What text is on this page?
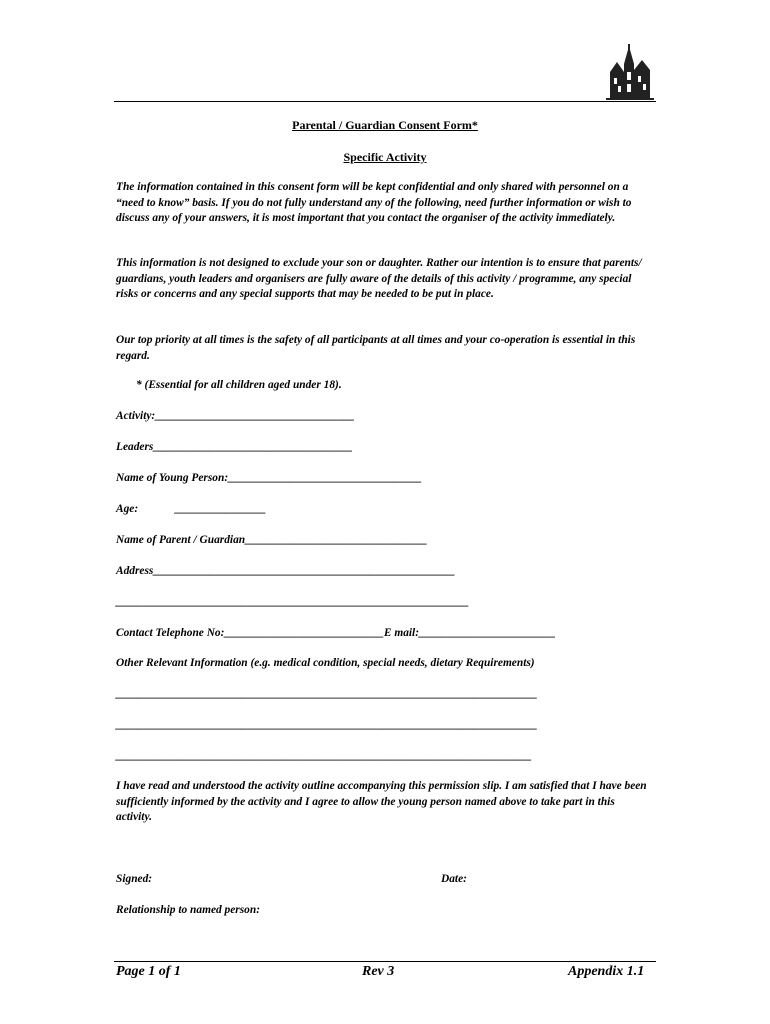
Parental / Guardian Consent Form*
Specific Activity
The information contained in this consent form will be kept confidential and only shared with personnel on a “need to know” basis. If you do not fully understand any of the following, need further information or wish to discuss any of your answers, it is most important that you contact the organiser of the activity immediately.
This information is not designed to exclude your son or daughter. Rather our intention is to ensure that parents/ guardians, youth leaders and organisers are fully aware of the details of this activity / programme, any special risks or concerns and any special supports that may be needed to be put in place.
Our top priority at all times is the safety of all participants at all times and your co-operation is essential in this regard.
* (Essential for all children aged under 18).
Activity:___________________________________
Leaders___________________________________
Name of Young Person:__________________________________
Age:	________________
Name of Parent / Guardian________________________________
Address_____________________________________________________
______________________________________________________________
Contact Telephone No:____________________________E mail:________________________
Other Relevant Information (e.g. medical condition, special needs, dietary Requirements)
__________________________________________________________________________
__________________________________________________________________________
_________________________________________________________________________
I have read and understood the activity outline accompanying this permission slip. I am satisfied that I have been sufficiently informed by the activity and I agree to allow the young person named above to take part in this activity.
Signed:	Date:
Relationship to named person:
Page 1 of 1	Rev 3	Appendix 1.1
